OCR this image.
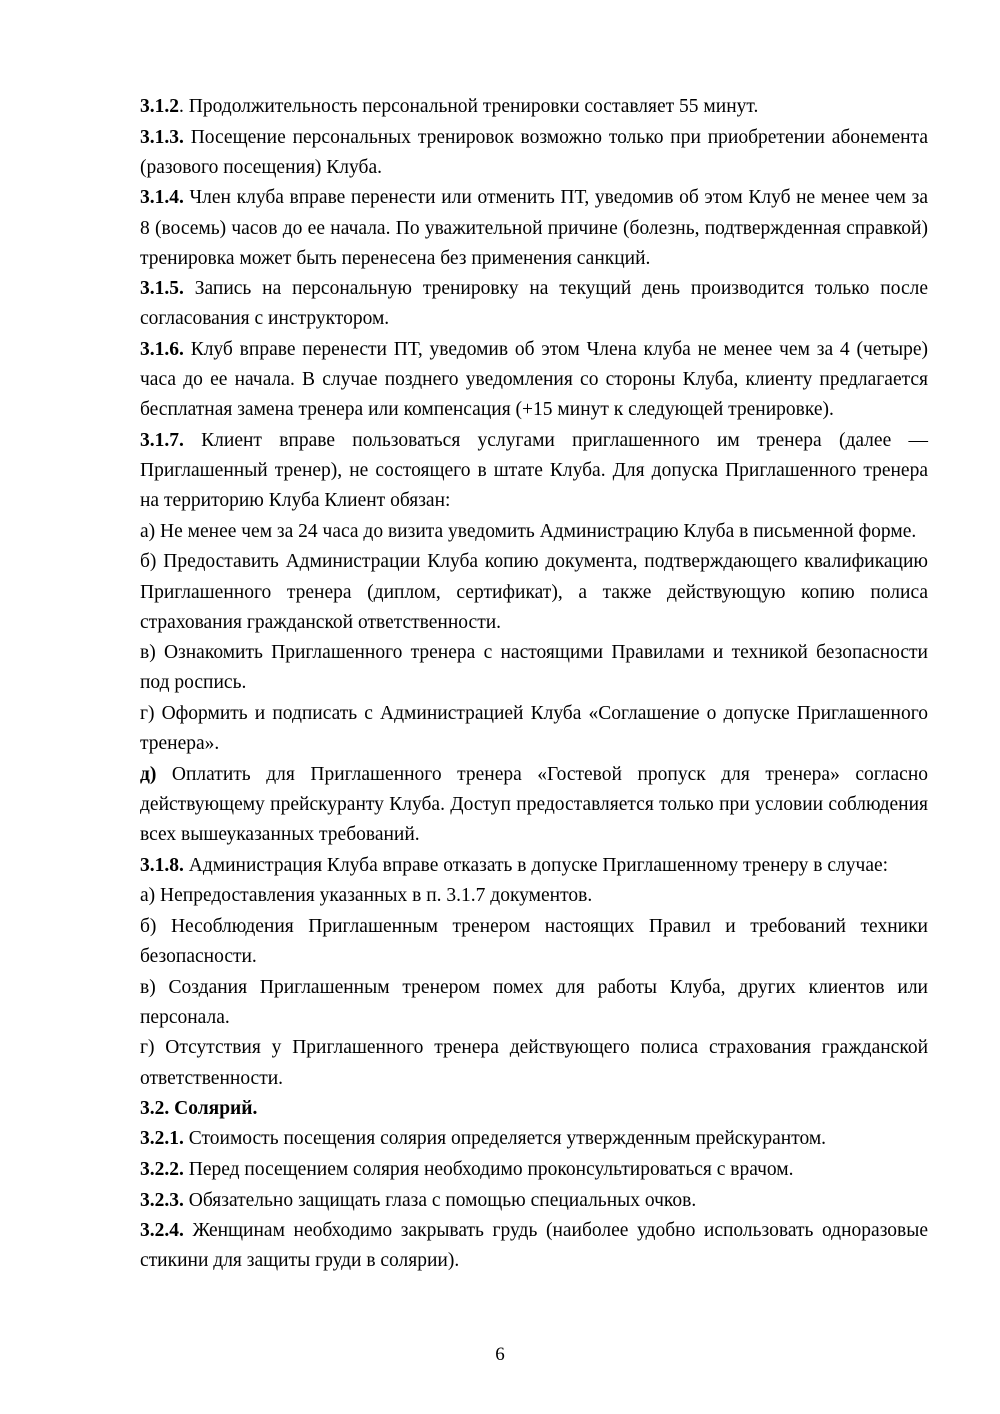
3.1.2. Продолжительность персональной тренировки составляет 55 минут.

3.1.3. Посещение персональных тренировок возможно только при приобретении абонемента (разового посещения) Клуба.

3.1.4. Член клуба вправе перенести или отменить ПТ, уведомив об этом Клуб не менее чем за 8 (восемь) часов до ее начала. По уважительной причине (болезнь, подтвержденная справкой) тренировка может быть перенесена без применения санкций.

3.1.5. Запись на персональную тренировку на текущий день производится только после согласования с инструктором.

3.1.6. Клуб вправе перенести ПТ, уведомив об этом Члена клуба не менее чем за 4 (четыре) часа до ее начала. В случае позднего уведомления со стороны Клуба, клиенту предлагается бесплатная замена тренера или компенсация (+15 минут к следующей тренировке).

3.1.7. Клиент вправе пользоваться услугами приглашенного им тренера (далее — Приглашенный тренер), не состоящего в штате Клуба. Для допуска Приглашенного тренера на территорию Клуба Клиент обязан:

а) Не менее чем за 24 часа до визита уведомить Администрацию Клуба в письменной форме.

б) Предоставить Администрации Клуба копию документа, подтверждающего квалификацию Приглашенного тренера (диплом, сертификат), а также действующую копию полиса страхования гражданской ответственности.

в) Ознакомить Приглашенного тренера с настоящими Правилами и техникой безопасности под роспись.

г) Оформить и подписать с Администрацией Клуба «Соглашение о допуске Приглашенного тренера».

д) Оплатить для Приглашенного тренера «Гостевой пропуск для тренера» согласно действующему прейскуранту Клуба. Доступ предоставляется только при условии соблюдения всех вышеуказанных требований.

3.1.8. Администрация Клуба вправе отказать в допуске Приглашенному тренеру в случае:

а) Непредоставления указанных в п. 3.1.7 документов.

б) Несоблюдения Приглашенным тренером настоящих Правил и требований техники безопасности.

в) Создания Приглашенным тренером помех для работы Клуба, других клиентов или персонала.

г) Отсутствия у Приглашенного тренера действующего полиса страхования гражданской ответственности.

3.2. Солярий.

3.2.1. Стоимость посещения солярия определяется утвержденным прейскурантом.

3.2.2. Перед посещением солярия необходимо проконсультироваться с врачом.

3.2.3. Обязательно защищать глаза с помощью специальных очков.

3.2.4. Женщинам необходимо закрывать грудь (наиболее удобно использовать одноразовые стикини для защиты груди в солярии).

6
